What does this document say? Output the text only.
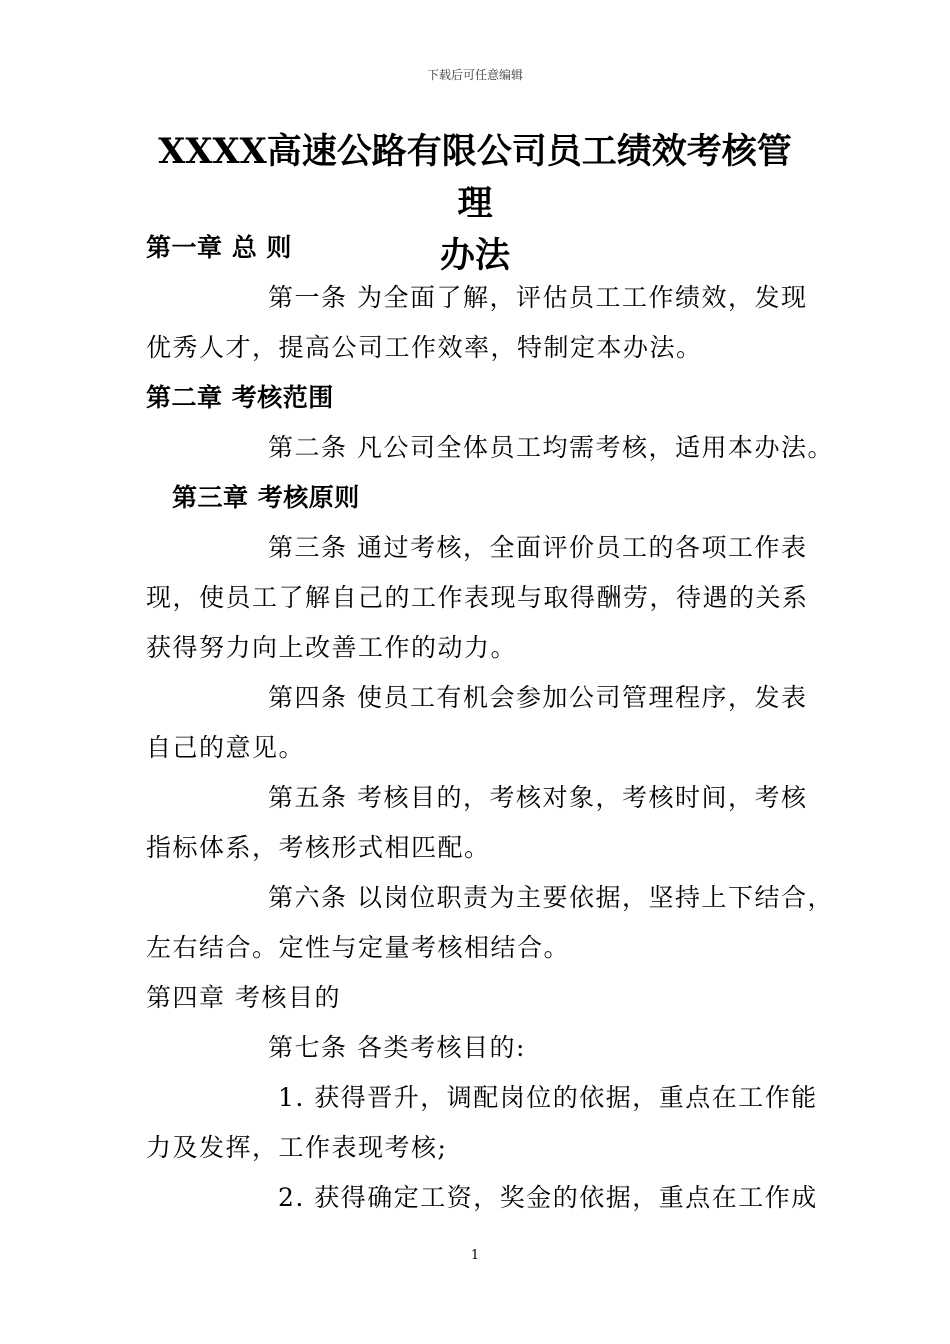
下载后可任意编辑
XXXX高速公路有限公司员工绩效考核管理
办法
第一章 总 则
第一条 为全面了解，评估员工工作绩效，发现
优秀人才，提高公司工作效率，特制定本办法。
第二章 考核范围
第二条 凡公司全体员工均需考核，适用本办法。
第三章 考核原则
第三条 通过考核，全面评价员工的各项工作表
现，使员工了解自己的工作表现与取得酬劳，待遇的关系
获得努力向上改善工作的动力。
第四条 使员工有机会参加公司管理程序，发表
自己的意见。
第五条 考核目的，考核对象，考核时间，考核
指标体系，考核形式相匹配。
第六条 以岗位职责为主要依据，坚持上下结合，
左右结合。定性与定量考核相结合。
第四章 考核目的
第七条 各类考核目的:
1. 获得晋升，调配岗位的依据，重点在工作能
力及发挥，工作表现考核;
2. 获得确定工资，奖金的依据，重点在工作成
1
